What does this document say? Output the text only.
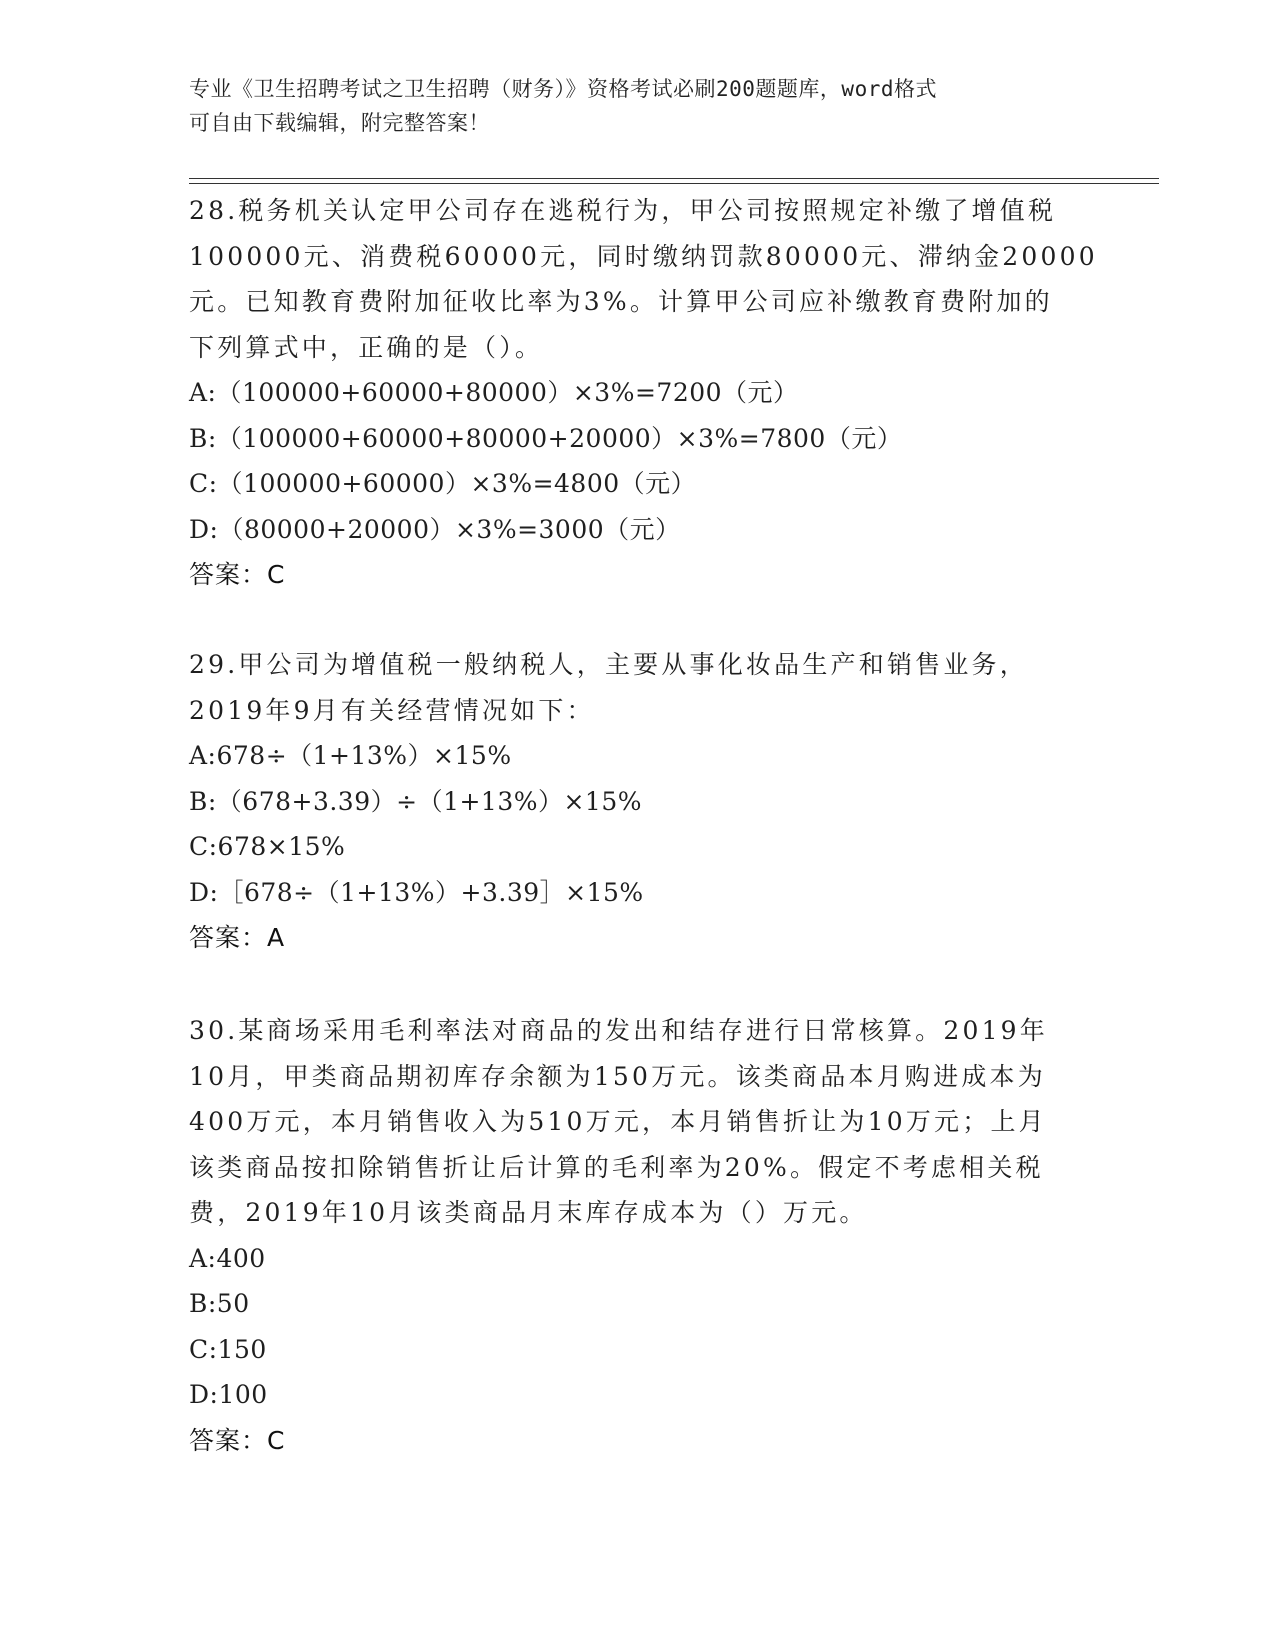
专业《卫生招聘考试之卫生招聘（财务）》资格考试必刷200题题库，word格式
可自由下载编辑，附完整答案！
28.税务机关认定甲公司存在逃税行为，甲公司按照规定补缴了增值税
100000元、消费税60000元，同时缴纳罚款80000元、滞纳金20000
元。已知教育费附加征收比率为3%。计算甲公司应补缴教育费附加的
下列算式中，正确的是（）。
A:（100000+60000+80000）×3%=7200（元）
B:（100000+60000+80000+20000）×3%=7800（元）
C:（100000+60000）×3%=4800（元）
D:（80000+20000）×3%=3000（元）
答案：C
29.甲公司为增值税一般纳税人，主要从事化妆品生产和销售业务，
2019年9月有关经营情况如下：
A:678÷（1+13%）×15%
B:（678+3.39）÷（1+13%）×15%
C:678×15%
D:［678÷（1+13%）+3.39］×15%
答案：A
30.某商场采用毛利率法对商品的发出和结存进行日常核算。2019年
10月，甲类商品期初库存余额为150万元。该类商品本月购进成本为
400万元，本月销售收入为510万元，本月销售折让为10万元；上月
该类商品按扣除销售折让后计算的毛利率为20%。假定不考虑相关税
费，2019年10月该类商品月末库存成本为（）万元。
A:400
B:50
C:150
D:100
答案：C
